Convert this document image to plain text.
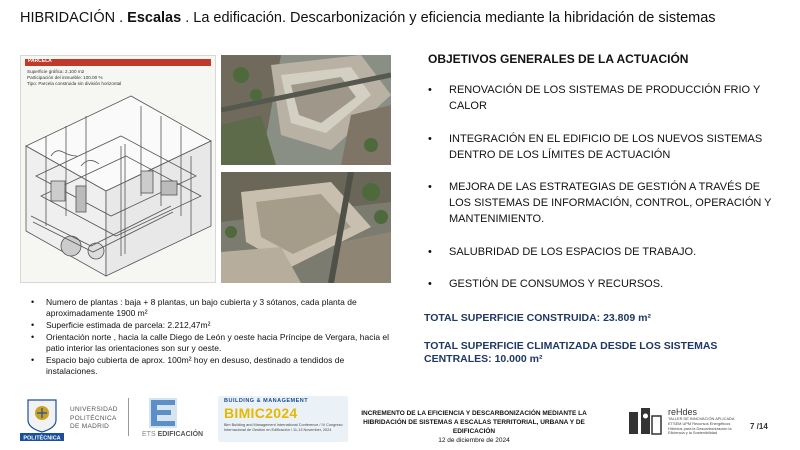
HIBRIDACIÓN . Escalas . La edificación. Descarbonización y eficiencia mediante la hibridación de sistemas
PARCELA
Superficie gráfica: 2.100 m2
Participación del inmueble: 100.00 %
Tipo: Parcela construida sin división horizontal
OBJETIVOS GENERALES DE LA ACTUACIÓN
• RENOVACIÓN DE LOS SISTEMAS DE PRODUCCIÓN FRIO Y CALOR
• INTEGRACIÓN EN EL EDIFICIO DE LOS NUEVOS SISTEMAS DENTRO DE LOS LÍMITES DE ACTUACIÓN
• MEJORA DE LAS ESTRATEGIAS DE GESTIÓN A TRAVÉS DE LOS SISTEMAS DE INFORMACIÓN, CONTROL, OPERACIÓN Y MANTENIMIENTO.
• SALUBRIDAD DE LOS ESPACIOS DE TRABAJO.
• GESTIÓN DE CONSUMOS Y RECURSOS.
TOTAL SUPERFICIE CONSTRUIDA: 23.809 m²
TOTAL SUPERFICIE CLIMATIZADA DESDE LOS SISTEMAS CENTRALES: 10.000 m²
• Numero de plantas : baja + 8 plantas, un bajo cubierta y 3 sótanos, cada planta de aproximadamente 1900 m²
• Superficie estimada de parcela: 2.212,47m²
• Orientación norte , hacia la calle Diego de León y oeste hacia Príncipe de Vergara, hacia el patio interior las orientaciones son sur y oeste.
• Espacio bajo cubierta de aprox. 100m² hoy en desuso, destinado a tendidos de instalaciones.
POLITÉCNICA
UNIVERSIDAD
POLITÉCNICA
DE MADRID
ETS EDIFICACIÓN
BUILDING & MANAGEMENT
BIMIC2024
Bim Building and Management International Conference / IV Congreso Internacional de Gestión en Edificación / 11-13 November, 2024
INCREMENTO DE LA EFICIENCIA Y DESCARBONIZACIÓN MEDIANTE LA
HIBRIDACIÓN DE SISTEMAS A ESCALAS TERRITORIAL, URBANA Y DE EDIFICACIÓN
12 de diciembre de 2024
reHdes
TALLER DE INNOVACIÓN APLICADA ETSEM UPM Recursos Energéticos Híbridos para la Descarbonización la Eficiencia y la Sostenibilidad
7 /14
